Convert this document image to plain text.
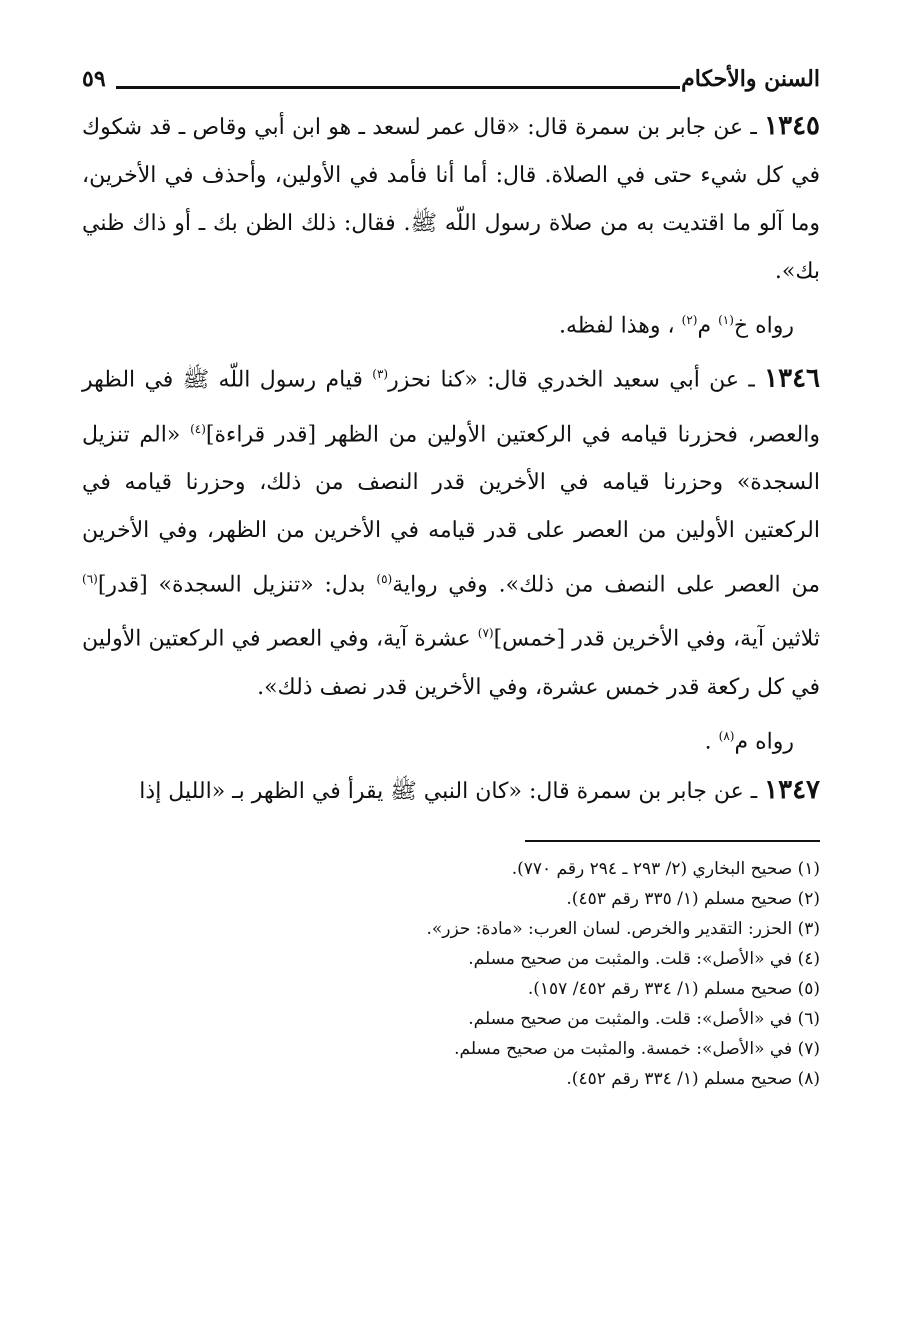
السنن والأحكام
٥٩

١٣٤٥ ـ عن جابر بن سمرة قال: «قال عمر لسعد ـ هو ابن أبي وقاص ـ قد شكوك في كل شيء حتى في الصلاة. قال: أما أنا فأمد في الأولين، وأحذف في الأخرين، وما آلو ما اقتديت به من صلاة رسول اللّه ﷺ. فقال: ذلك الظن بك ـ أو ذاك ظني بك».

رواه خ$^{(١)}$ م$^{(٢)}$ ، وهذا لفظه.

١٣٤٦ ـ عن أبي سعيد الخدري قال: «كنا نحزر$^{(٣)}$ قيام رسول اللّه ﷺ في الظهر والعصر، فحزرنا قيامه في الركعتين الأولين من الظهر [قدر قراءة]$^{(٤)}$ «الم تنزيل السجدة» وحزرنا قيامه في الأخرين قدر النصف من ذلك، وحزرنا قيامه في الركعتين الأولين من العصر على قدر قيامه في الأخرين من الظهر، وفي الأخرين من العصر على النصف من ذلك». وفي رواية$^{(٥)}$ بدل: «تنزيل السجدة» [قدر]$^{(٦)}$ ثلاثين آية، وفي الأخرين قدر [خمس]$^{(٧)}$ عشرة آية، وفي العصر في الركعتين الأولين في كل ركعة قدر خمس عشرة، وفي الأخرين قدر نصف ذلك».

رواه م$^{(٨)}$ .

١٣٤٧ ـ عن جابر بن سمرة قال: «كان النبي ﷺ يقرأ في الظهر بـ «الليل إذا

(١) صحيح البخاري (٢/ ٢٩٣ ـ ٢٩٤ رقم ٧٧٠).
(٢) صحيح مسلم (١/ ٣٣٥ رقم ٤٥٣).
(٣) الحزر: التقدير والخرص. لسان العرب: «مادة: حزر».
(٤) في «الأصل»: قلت. والمثبت من صحيح مسلم.
(٥) صحيح مسلم (١/ ٣٣٤ رقم ٤٥٢/ ١٥٧).
(٦) في «الأصل»: قلت. والمثبت من صحيح مسلم.
(٧) في «الأصل»: خمسة. والمثبت من صحيح مسلم.
(٨) صحيح مسلم (١/ ٣٣٤ رقم ٤٥٢).
